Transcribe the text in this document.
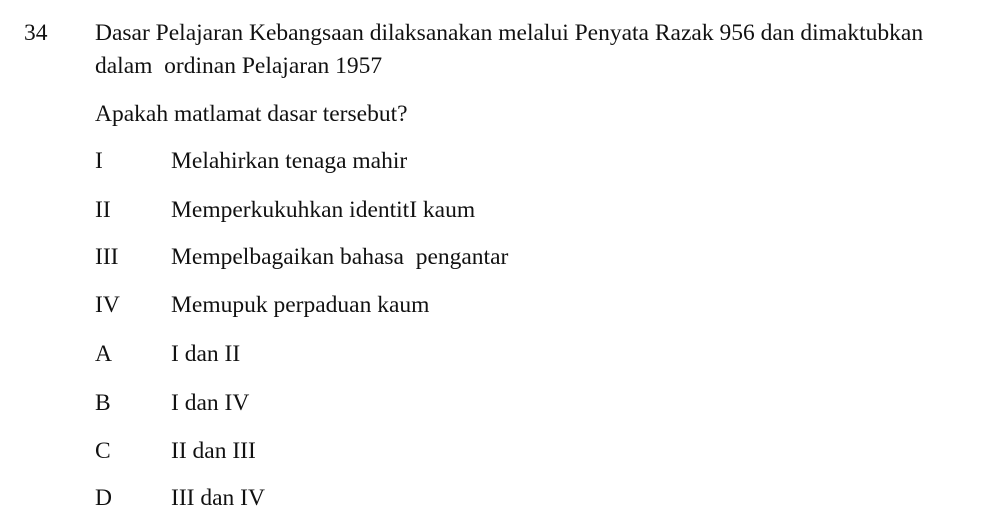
34 Dasar Pelajaran Kebangsaan dilaksanakan melalui Penyata Razak 956 dan dimaktubkan
dalam  ordinan Pelajaran 1957
Apakah matlamat dasar tersebut?
I	Melahirkan tenaga mahir
II	Memperkukuhkan identitI kaum
III Mempelbagaikan bahasa  pengantar
IV Memupuk perpaduan kaum
A	I dan II
B	I dan IV
C	II dan III
D	III dan IV
